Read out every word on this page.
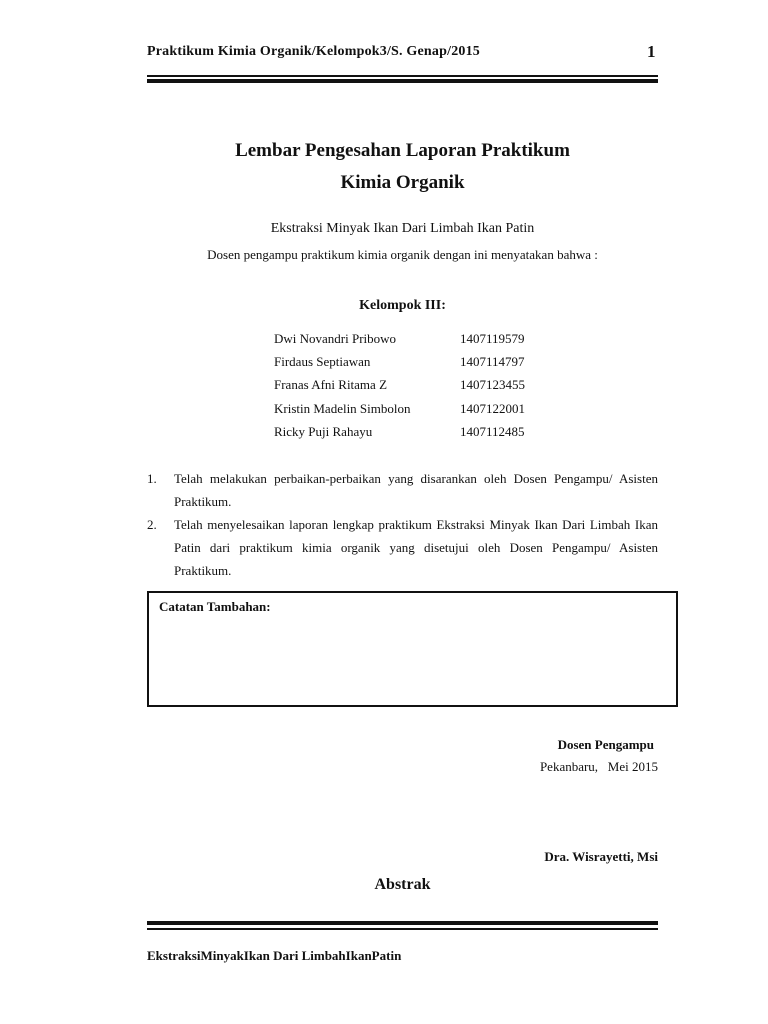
Praktikum Kimia Organik/Kelompok3/S. Genap/2015	1
Lembar Pengesahan Laporan Praktikum
Kimia Organik
Ekstraksi Minyak Ikan Dari Limbah Ikan Patin
Dosen pengampu praktikum kimia organik dengan ini menyatakan bahwa :
Kelompok III:
Dwi Novandri Pribowo	1407119579
Firdaus Septiawan	1407114797
Franas Afni Ritama Z	1407123455
Kristin Madelin Simbolon	1407122001
Ricky Puji Rahayu	1407112485
1.	Telah melakukan perbaikan-perbaikan yang disarankan oleh Dosen Pengampu/ Asisten Praktikum.
2.	Telah menyelesaikan laporan lengkap praktikum Ekstraksi Minyak Ikan Dari Limbah Ikan Patin dari praktikum kimia organik yang disetujui oleh Dosen Pengampu/ Asisten Praktikum.
Catatan Tambahan:
Dosen Pengampu
Pekanbaru,   Mei 2015
Dra. Wisrayetti, Msi
Abstrak
EkstraksiMinyakIkan Dari LimbahIkanPatin
